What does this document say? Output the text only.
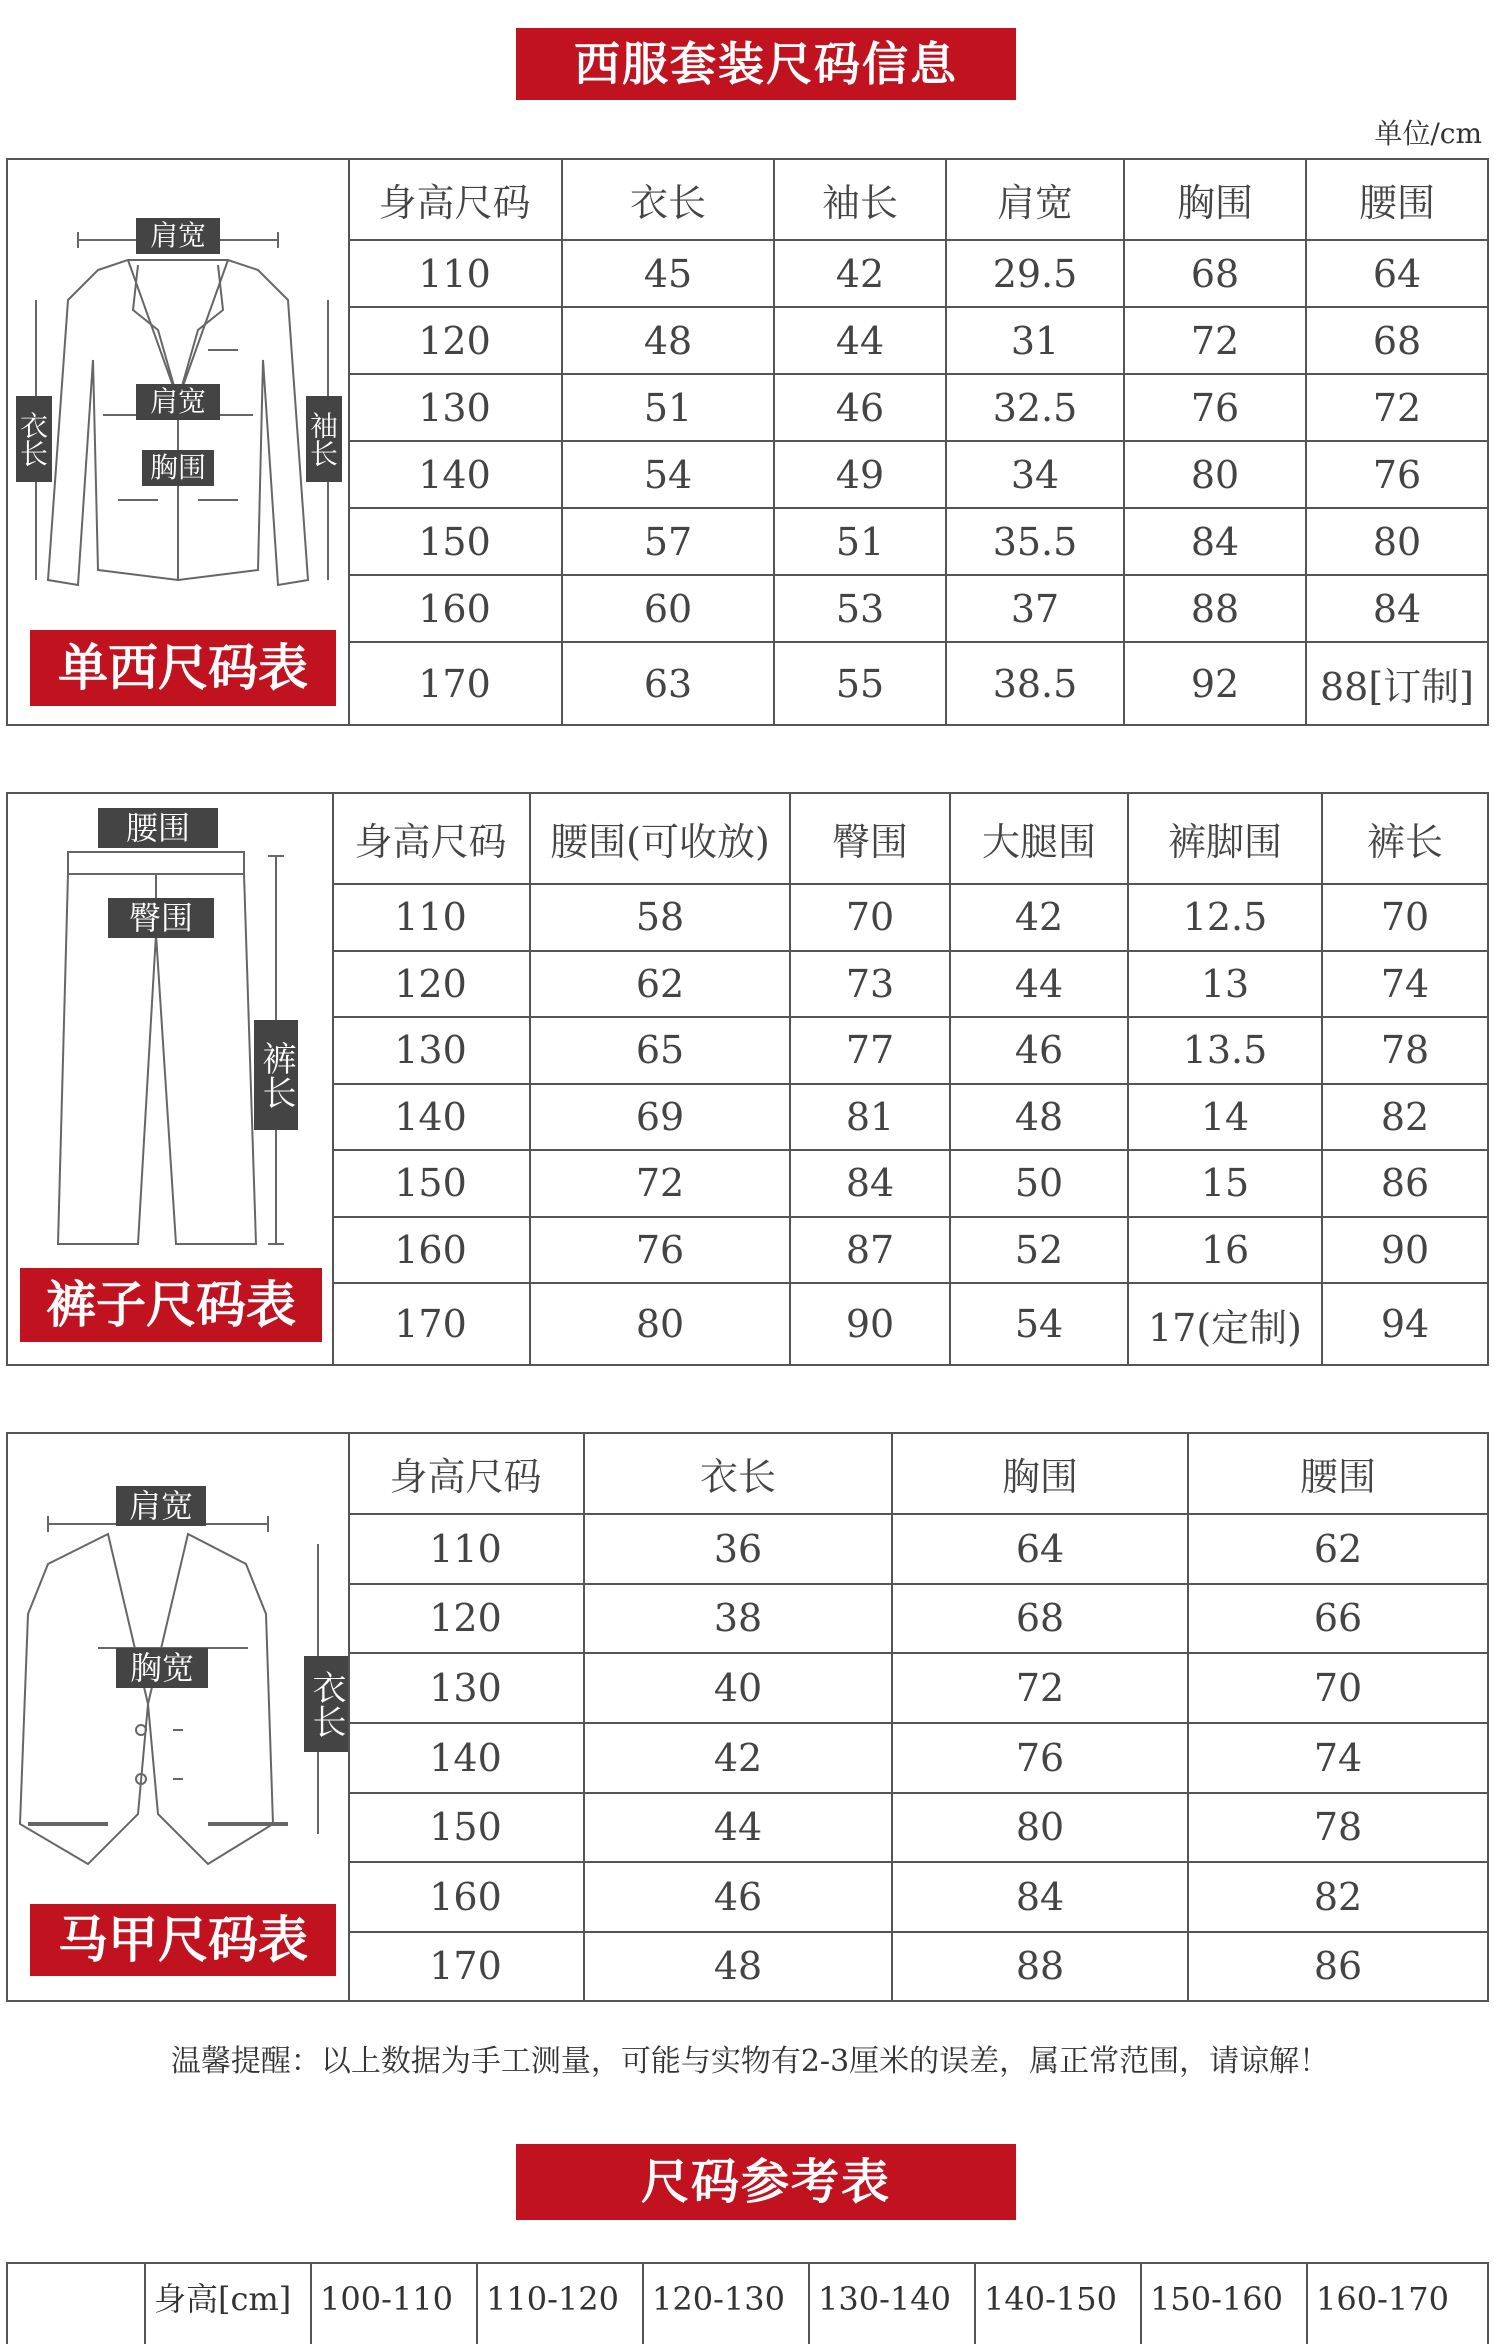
西服套装尺码信息
单位/cm
肩宽
肩宽
胸围
衣长	袖长
单西尺码表
身高尺码	衣长	袖长	肩宽	胸围	腰围
110	45	42	29.5	68	64
120	48	44	31	72	68
130	51	46	32.5	76	72
140	54	49	34	80	76
150	57	51	35.5	84	80
160	60	53	37	88	84
170	63	55	38.5	92	88[订制]
腰围
臀围
裤长
裤子尺码表
身高尺码	腰围(可收放)	臀围	大腿围	裤脚围	裤长
110	58	70	42	12.5	70
120	62	73	44	13	74
130	65	77	46	13.5	78
140	69	81	48	14	82
150	72	84	50	15	86
160	76	87	52	16	90
170	80	90	54	17(定制)	94
肩宽
胸宽
衣长
马甲尺码表
身高尺码	衣长	胸围	腰围
110	36	64	62
120	38	68	66
130	40	72	70
140	42	76	74
150	44	80	78
160	46	84	82
170	48	88	86
温馨提醒：以上数据为手工测量，可能与实物有2-3厘米的误差，属正常范围，请谅解！
尺码参考表
身高[cm] 100-110	110-120	120-130	130-140	140-150	150-160	160-170
